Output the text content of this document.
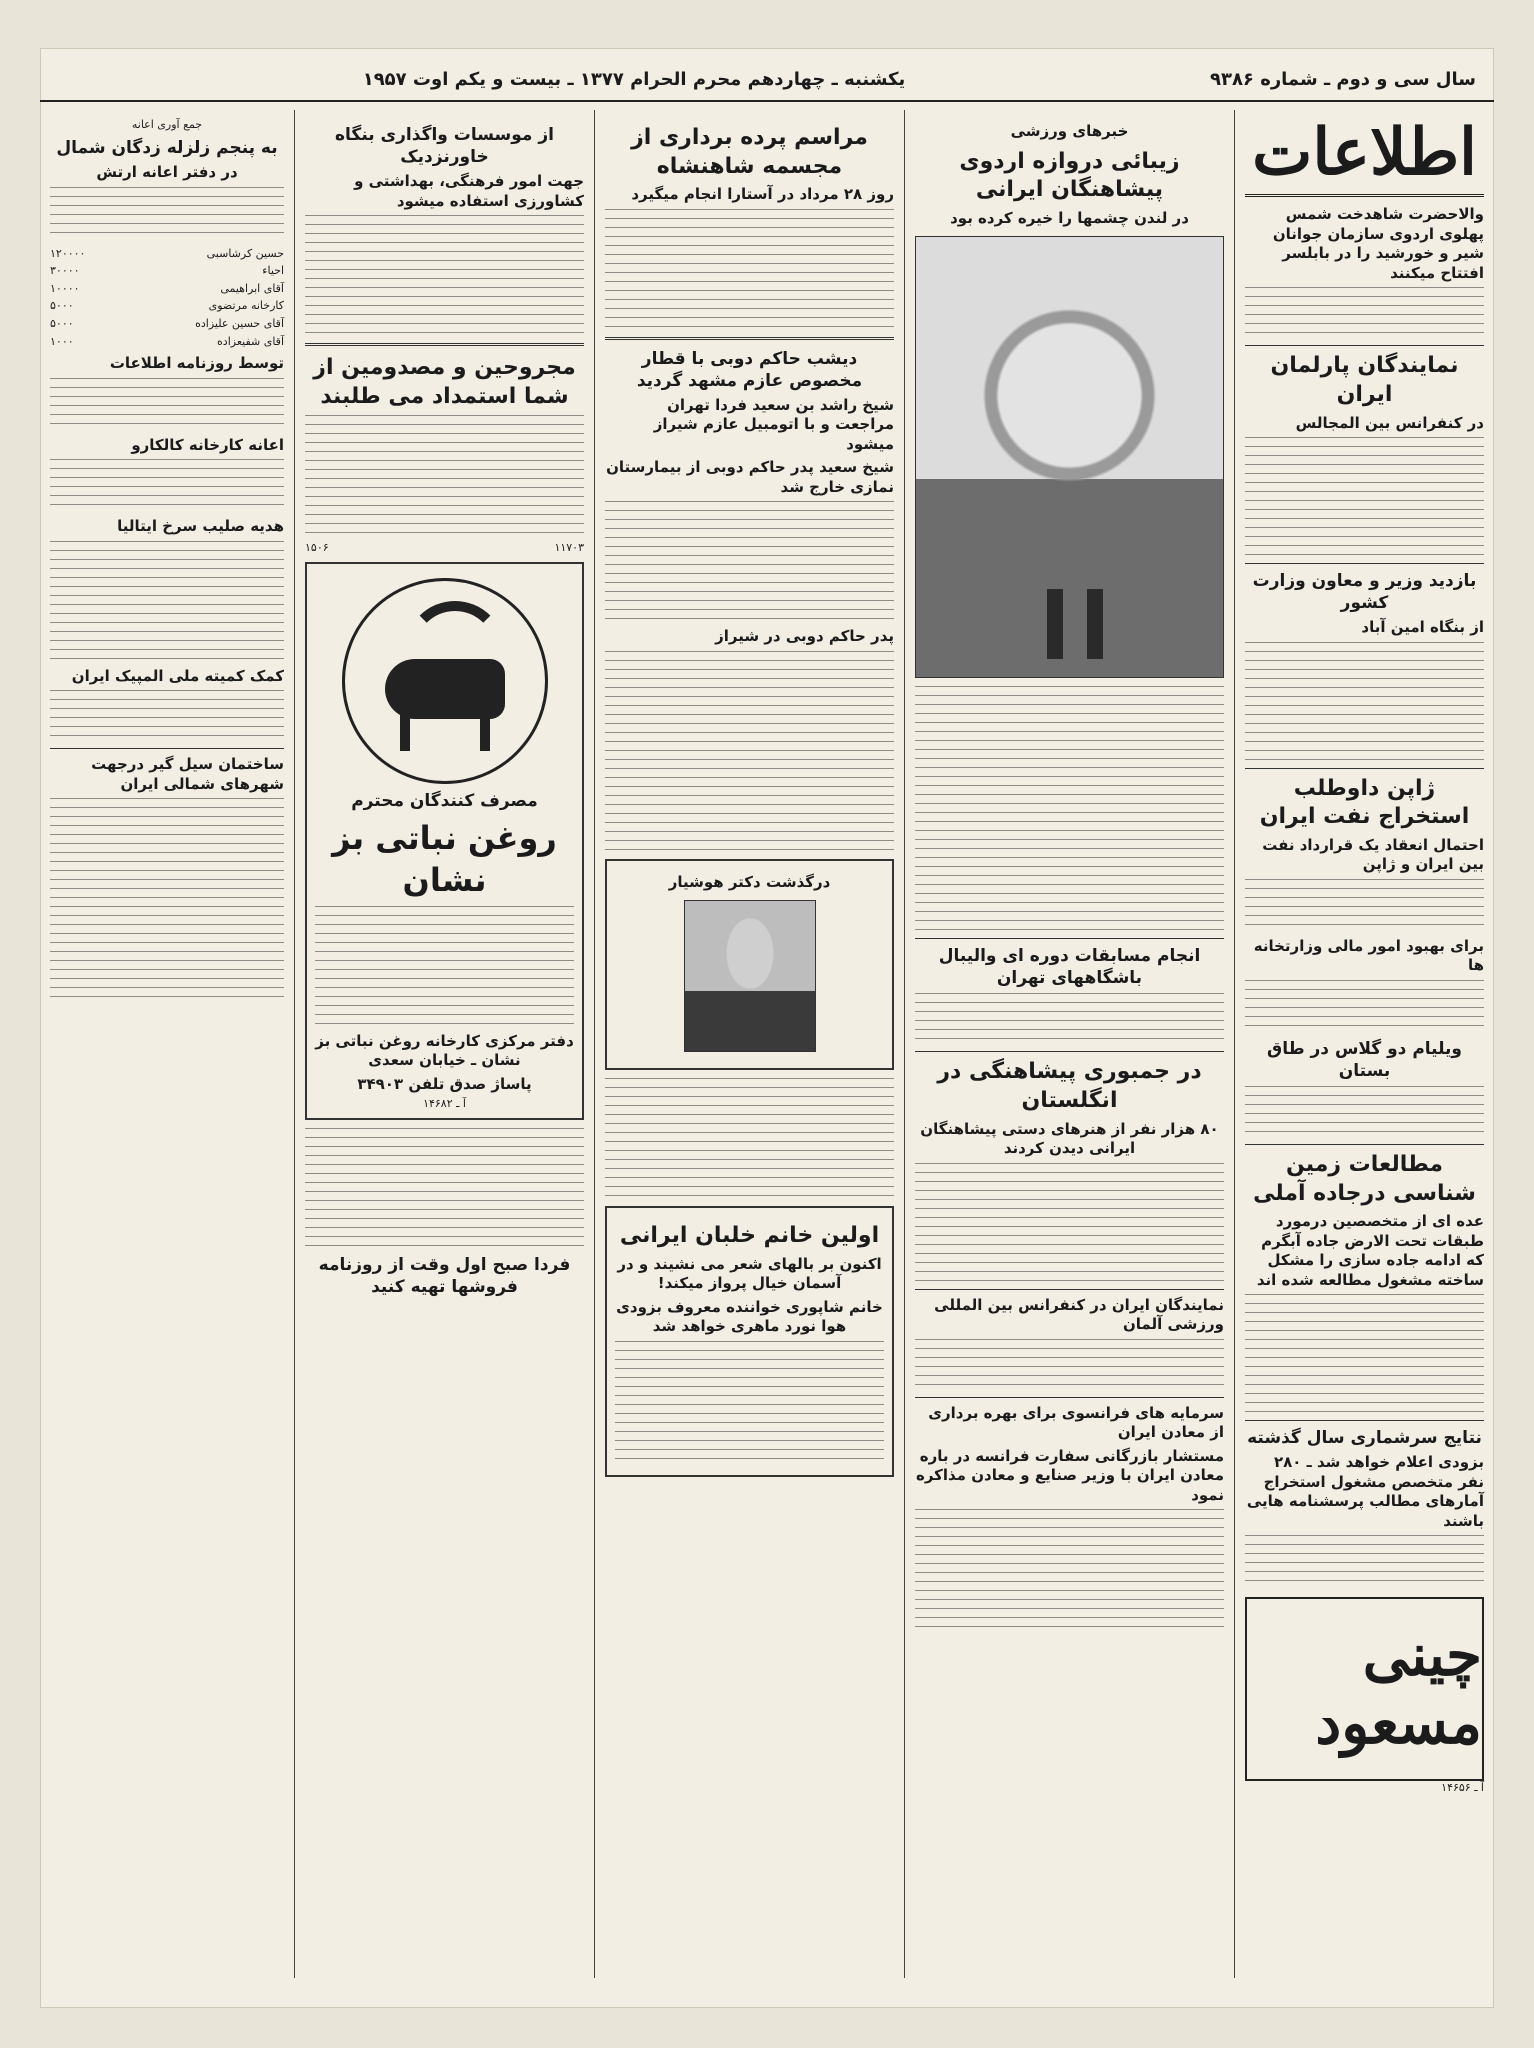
سال سی و دوم ـ شماره ۹۳۸۶
یکشنبه ـ چهاردهم محرم الحرام ۱۳۷۷ ـ بیست و یکم اوت ۱۹۵۷
اطلاعات
والاحضرت شاهدخت شمس پهلوی اردوی سازمان جوانان شیر و خورشید را در بابلسر افتتاح میکنند
نمایندگان پارلمان ایران
در کنفرانس بین المجالس
بازدید وزیر و معاون وزارت کشور
از بنگاه امین آباد
ژاپن داوطلب استخراج نفت ایران
احتمال انعقاد یک قرارداد نفت بین ایران و ژاپن
برای بهبود امور مالی وزارتخانه ها
ویلیام دو گلاس در طاق بستان
مطالعات زمین شناسی درجاده آملی
عده ای از متخصصین درمورد طبقات تحت الارض جاده آبگرم که ادامه جاده سازی را مشکل ساخته مشغول مطالعه شده اند
نتایج سرشماری سال گذشته
بزودی اعلام خواهد شد ـ ۲۸۰ نفر متخصص مشغول استخراج آمارهای مطالب پرسشنامه هایی باشند
چینی مسعود
آ ـ ۱۴۶۵۶
خبرهای ورزشی
زیبائی دروازه اردوی پیشاهنگان ایرانی
در لندن چشمها را خیره کرده بود
انجام مسابقات دوره ای والیبال باشگاههای تهران
در جمبوری پیشاهنگی در انگلستان
۸۰ هزار نفر از هنرهای دستی پیشاهنگان ایرانی دیدن کردند
نمایندگان ایران در کنفرانس بین المللی ورزشی آلمان
سرمایه های فرانسوی برای بهره برداری از معادن ایران
مستشار بازرگانی سفارت فرانسه در باره معادن ایران با وزیر صنایع و معادن مذاکره نمود
مراسم پرده برداری از مجسمه شاهنشاه
روز ۲۸ مرداد در آستارا انجام میگیرد
دیشب حاکم دوبی با قطار مخصوص عازم مشهد گردید
شیخ راشد بن سعید فردا تهران مراجعت و با اتومبیل عازم شیراز میشود
شیخ سعید پدر حاکم دوبی از بیمارستان نمازی خارج شد
پدر حاکم دوبی در شیراز
درگذشت دکتر هوشیار
اولین خانم خلبان ایرانی
اکنون بر بالهای شعر می نشیند و در آسمان خیال پرواز میکند!
خانم شاپوری خواننده معروف بزودی هوا نورد ماهری خواهد شد
از موسسات واگذاری بنگاه خاورنزدیک
جهت امور فرهنگی، بهداشتی و کشاورزی استفاده میشود
مجروحین و مصدومین از شما استمداد می طلبند
۱۱۷۰۳
۱۵۰۶
مصرف کنندگان محترم
روغن نباتی بز نشان
دفتر مرکزی کارخانه روغن نباتی بز نشان ـ خیابان سعدی
پاساژ صدق تلفن ۳۴۹۰۳
آ ـ ۱۴۶۸۲
فردا صبح اول وقت از روزنامه فروشها تهیه کنید
جمع آوری اعانه
به پنجم زلزله زدگان شمال
در دفتر اعانه ارتش
حسین کرشاسبی
۱۲۰۰۰۰
احیاء
۳۰۰۰۰
آقای ابراهیمی
۱۰۰۰۰
کارخانه مرتضوی
۵۰۰۰
آقای حسین علیزاده
۵۰۰۰
آقای شفیعزاده
۱۰۰۰
توسط روزنامه اطلاعات
اعانه کارخانه کالکارو
هدیه صلیب سرخ ایتالیا
کمک کمیته ملی المپیک ایران
ساختمان سیل گیر درجهت شهرهای شمالی ایران
